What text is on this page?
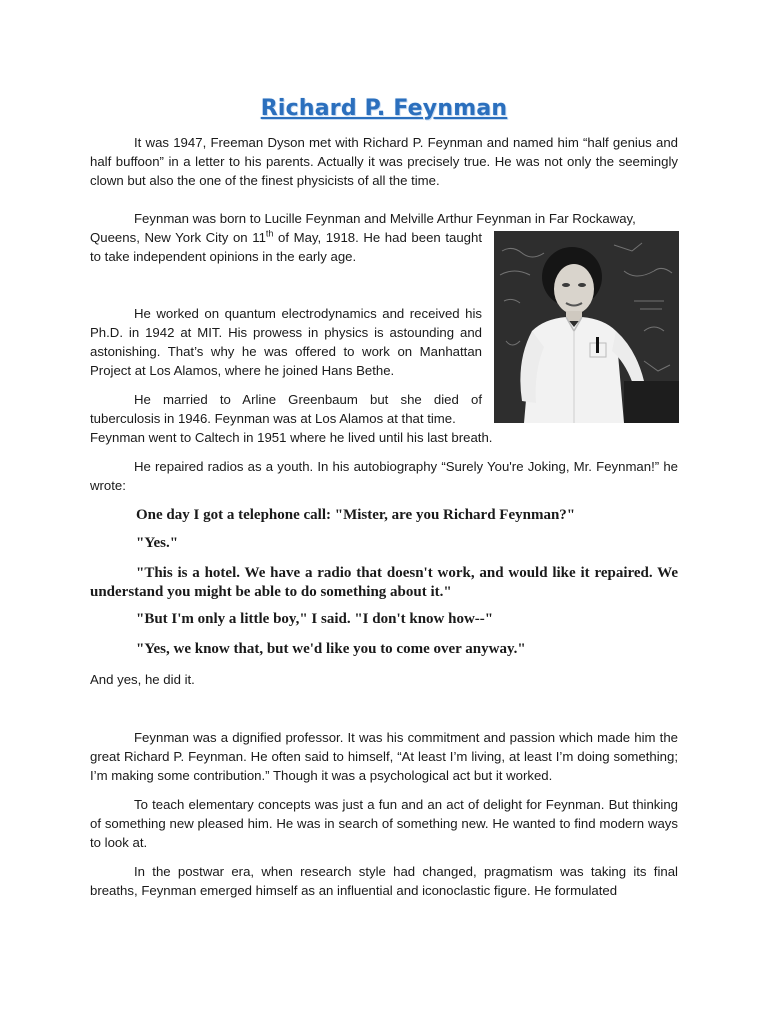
Richard P. Feynman

It was 1947, Freeman Dyson met with Richard P. Feynman and named him “half genius and half buffoon” in a letter to his parents. Actually it was precisely true. He was not only the seemingly clown but also the one of the finest physicists of all the time.

Feynman was born to Lucille Feynman and Melville Arthur Feynman in Far Rockaway,

Queens, New York City on 11th of May, 1918. He had been taught to take independent opinions in the early age.

He worked on quantum electrodynamics and received his Ph.D. in 1942 at MIT. His prowess in physics is astounding and astonishing. That’s why he was offered to work on Manhattan Project at Los Alamos, where he joined Hans Bethe.

He married to Arline Greenbaum but she died of tuberculosis in 1946. Feynman was at Los Alamos at that time.

Feynman went to Caltech in 1951 where he lived until his last breath.

He repaired radios as a youth. In his autobiography “Surely You're Joking, Mr. Feynman!” he wrote:

One day I got a telephone call: "Mister, are you Richard Feynman?"

"Yes."

"This is a hotel. We have a radio that doesn't work, and would like it repaired. We understand you might be able to do something about it."

"But I'm only a little boy," I said. "I don't know how--"

"Yes, we know that, but we'd like you to come over anyway."

And yes, he did it.

Feynman was a dignified professor. It was his commitment and passion which made him the great Richard P. Feynman. He often said to himself, “At least I’m living, at least I’m doing something; I’m making some contribution.” Though it was a psychological act but it worked.

To teach elementary concepts was just a fun and an act of delight for Feynman. But thinking of something new pleased him. He was in search of something new. He wanted to find modern ways to look at.

In the postwar era, when research style had changed, pragmatism was taking its final breaths, Feynman emerged himself as an influential and iconoclastic figure. He formulated
